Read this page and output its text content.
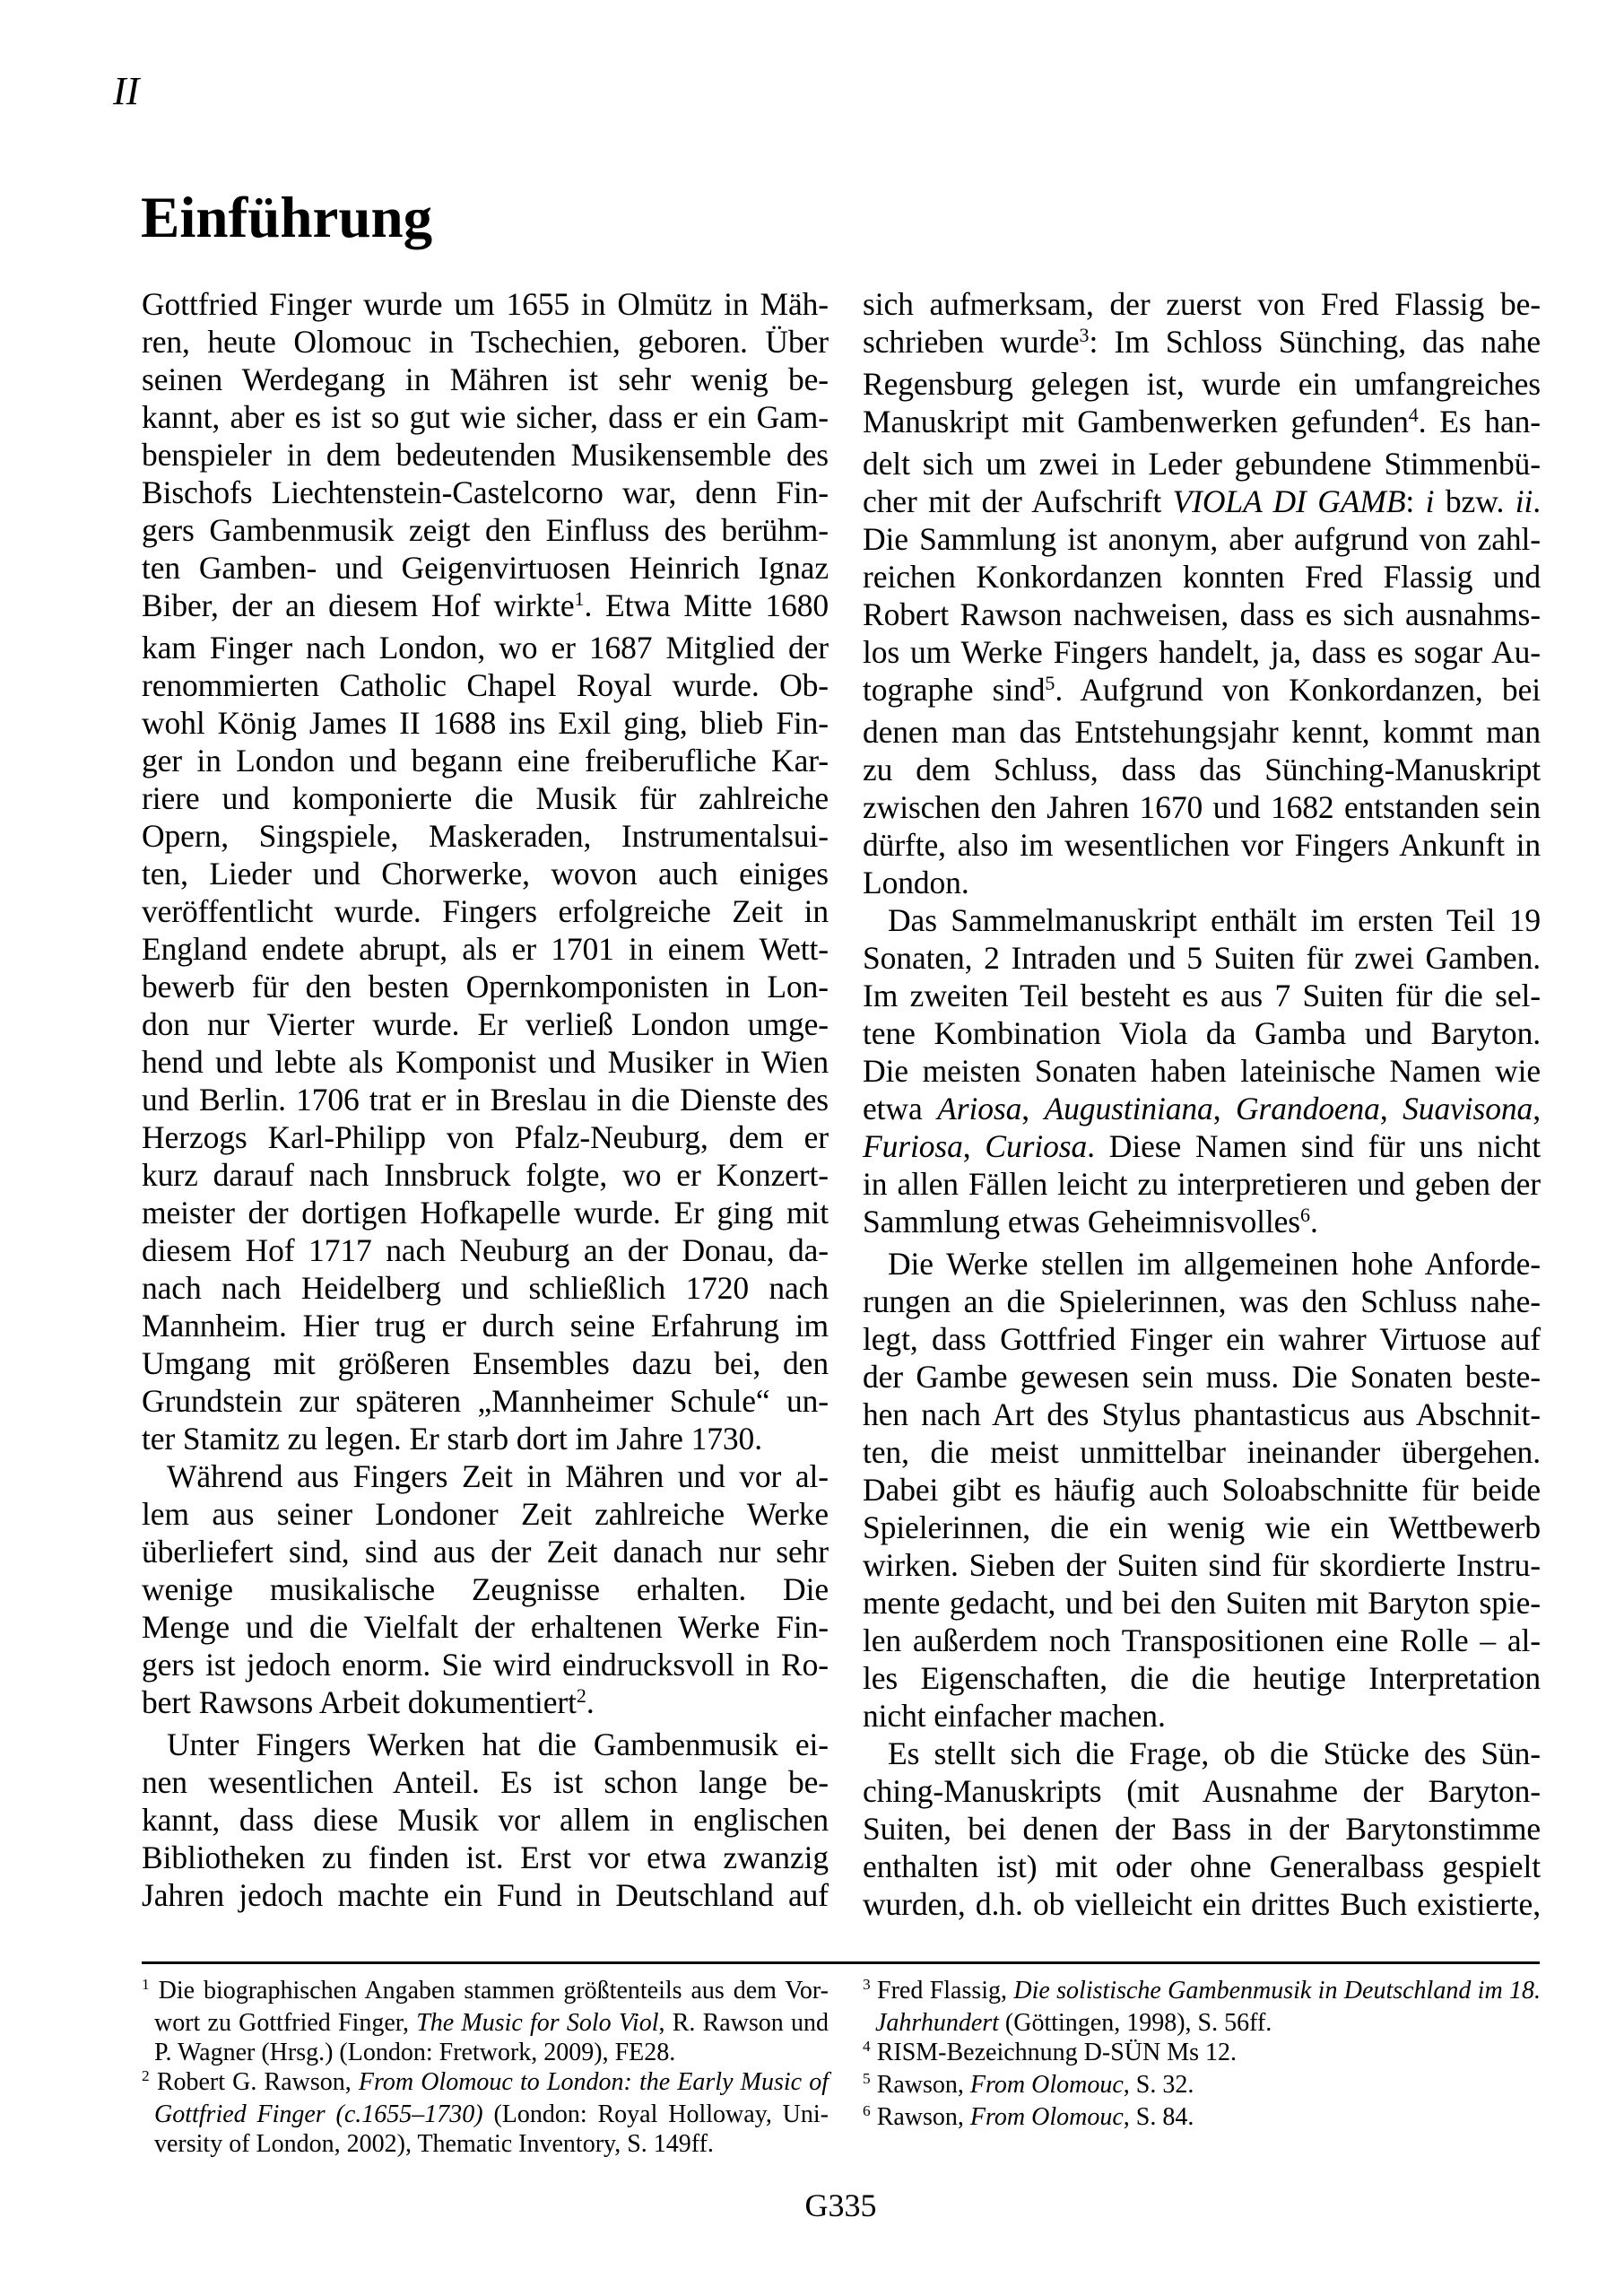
II
Einführung
Gottfried Finger wurde um 1655 in Olmütz in Mäh-
ren, heute Olomouc in Tschechien, geboren. Über
seinen Werdegang in Mähren ist sehr wenig be-
kannt, aber es ist so gut wie sicher, dass er ein Gam-
benspieler in dem bedeutenden Musikensemble des
Bischofs Liechtenstein-Castelcorno war, denn Fin-
gers Gambenmusik zeigt den Einfluss des berühm-
ten Gamben- und Geigenvirtuosen Heinrich Ignaz
Biber, der an diesem Hof wirkte$^1$. Etwa Mitte 1680
kam Finger nach London, wo er 1687 Mitglied der
renommierten Catholic Chapel Royal wurde. Ob-
wohl König James II 1688 ins Exil ging, blieb Fin-
ger in London und begann eine freiberufliche Kar-
riere und komponierte die Musik für zahlreiche
Opern, Singspiele, Maskeraden, Instrumentalsui-
ten, Lieder und Chorwerke, wovon auch einiges
veröffentlicht wurde. Fingers erfolgreiche Zeit in
England endete abrupt, als er 1701 in einem Wett-
bewerb für den besten Opernkomponisten in Lon-
don nur Vierter wurde. Er verließ London umge-
hend und lebte als Komponist und Musiker in Wien
und Berlin. 1706 trat er in Breslau in die Dienste des
Herzogs Karl-Philipp von Pfalz-Neuburg, dem er
kurz darauf nach Innsbruck folgte, wo er Konzert-
meister der dortigen Hofkapelle wurde. Er ging mit
diesem Hof 1717 nach Neuburg an der Donau, da-
nach nach Heidelberg und schließlich 1720 nach
Mannheim. Hier trug er durch seine Erfahrung im
Umgang mit größeren Ensembles dazu bei, den
Grundstein zur späteren „Mannheimer Schule“ un-
ter Stamitz zu legen. Er starb dort im Jahre 1730.
Während aus Fingers Zeit in Mähren und vor al-
lem aus seiner Londoner Zeit zahlreiche Werke
überliefert sind, sind aus der Zeit danach nur sehr
wenige musikalische Zeugnisse erhalten. Die
Menge und die Vielfalt der erhaltenen Werke Fin-
gers ist jedoch enorm. Sie wird eindrucksvoll in Ro-
bert Rawsons Arbeit dokumentiert$^2$.
Unter Fingers Werken hat die Gambenmusik ei-
nen wesentlichen Anteil. Es ist schon lange be-
kannt, dass diese Musik vor allem in englischen
Bibliotheken zu finden ist. Erst vor etwa zwanzig
Jahren jedoch machte ein Fund in Deutschland auf
sich aufmerksam, der zuerst von Fred Flassig be-
schrieben wurde$^3$: Im Schloss Sünching, das nahe
Regensburg gelegen ist, wurde ein umfangreiches
Manuskript mit Gambenwerken gefunden$^4$. Es han-
delt sich um zwei in Leder gebundene Stimmenbü-
cher mit der Aufschrift VIOLA DI GAMB: i bzw. ii.
Die Sammlung ist anonym, aber aufgrund von zahl-
reichen Konkordanzen konnten Fred Flassig und
Robert Rawson nachweisen, dass es sich ausnahms-
los um Werke Fingers handelt, ja, dass es sogar Au-
tographe sind$^5$. Aufgrund von Konkordanzen, bei
denen man das Entstehungsjahr kennt, kommt man
zu dem Schluss, dass das Sünching-Manuskript
zwischen den Jahren 1670 und 1682 entstanden sein
dürfte, also im wesentlichen vor Fingers Ankunft in
London.
Das Sammelmanuskript enthält im ersten Teil 19
Sonaten, 2 Intraden und 5 Suiten für zwei Gamben.
Im zweiten Teil besteht es aus 7 Suiten für die sel-
tene Kombination Viola da Gamba und Baryton.
Die meisten Sonaten haben lateinische Namen wie
etwa Ariosa, Augustiniana, Grandoena, Suavisona,
Furiosa, Curiosa. Diese Namen sind für uns nicht
in allen Fällen leicht zu interpretieren und geben der
Sammlung etwas Geheimnisvolles$^6$.
Die Werke stellen im allgemeinen hohe Anforde-
rungen an die Spielerinnen, was den Schluss nahe-
legt, dass Gottfried Finger ein wahrer Virtuose auf
der Gambe gewesen sein muss. Die Sonaten beste-
hen nach Art des Stylus phantasticus aus Abschnit-
ten, die meist unmittelbar ineinander übergehen.
Dabei gibt es häufig auch Soloabschnitte für beide
Spielerinnen, die ein wenig wie ein Wettbewerb
wirken. Sieben der Suiten sind für skordierte Instru-
mente gedacht, und bei den Suiten mit Baryton spie-
len außerdem noch Transpositionen eine Rolle – al-
les Eigenschaften, die die heutige Interpretation
nicht einfacher machen.
Es stellt sich die Frage, ob die Stücke des Sün-
ching-Manuskripts (mit Ausnahme der Baryton-
Suiten, bei denen der Bass in der Barytonstimme
enthalten ist) mit oder ohne Generalbass gespielt
wurden, d.h. ob vielleicht ein drittes Buch existierte,
$^1$ Die biographischen Angaben stammen größtenteils aus dem Vor-
wort zu Gottfried Finger, The Music for Solo Viol, R. Rawson und
P. Wagner (Hrsg.) (London: Fretwork, 2009), FE28.
$^2$ Robert G. Rawson, From Olomouc to London: the Early Music of
Gottfried Finger (c.1655–1730) (London: Royal Holloway, Uni-
versity of London, 2002), Thematic Inventory, S. 149ff.
$^3$ Fred Flassig, Die solistische Gambenmusik in Deutschland im 18.
Jahrhundert (Göttingen, 1998), S. 56ff.
$^4$ RISM-Bezeichnung D-SÜN Ms 12.
$^5$ Rawson, From Olomouc, S. 32.
$^6$ Rawson, From Olomouc, S. 84.
G335
